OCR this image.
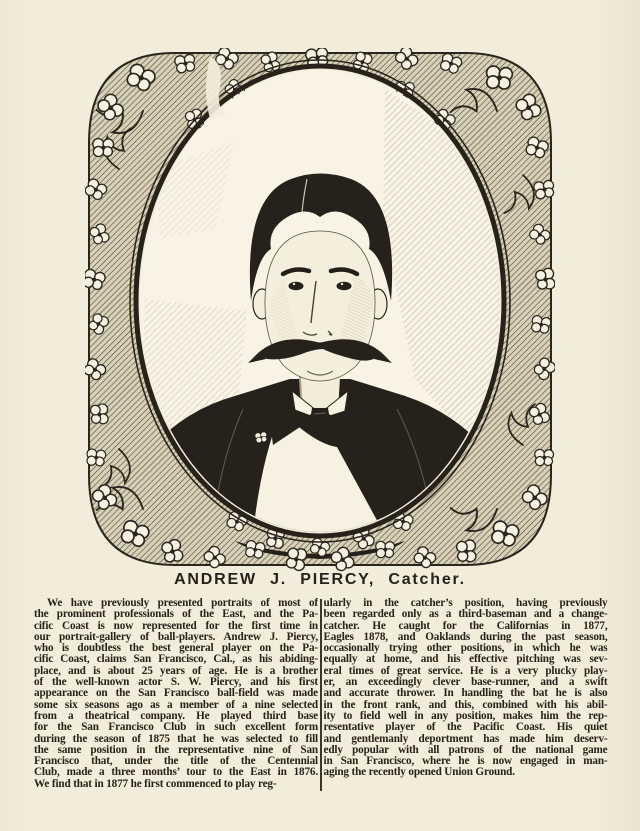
ANDREW J. PIERCY, Catcher.
We have previously presented portraits of most of
the prominent professionals of the East, and the Pa-
cific Coast is now represented for the first time in
our portrait-gallery of ball-players. Andrew J. Piercy,
who is doubtless the best general player on the Pa-
cific Coast, claims San Francisco, Cal., as his abiding-
place, and is about 25 years of age. He is a brother
of the well-known actor S. W. Piercy, and his first
appearance on the San Francisco ball-field was made
some six seasons ago as a member of a nine selected
from a theatrical company. He played third base
for the San Francisco Club in such excellent form
during the season of 1875 that he was selected to fill
the same position in the representative nine of San
Francisco that, under the title of the Centennial
Club, made a three months’ tour to the East in 1876.
We find that in 1877 he first commenced to play reg-
ularly in the catcher’s position, having previously
been regarded only as a third-baseman and a change-
catcher. He caught for the Californias in 1877,
Eagles 1878, and Oaklands during the past season,
occasionally trying other positions, in which he was
equally at home, and his effective pitching was sev-
eral times of great service. He is a very plucky play-
er, an exceedingly clever base-runner, and a swift
and accurate thrower. In handling the bat he is also
in the front rank, and this, combined with his abil-
ity to field well in any position, makes him the rep-
resentative player of the Pacific Coast. His quiet
and gentlemanly deportment has made him deserv-
edly popular with all patrons of the national game
in San Francisco, where he is now engaged in man-
aging the recently opened Union Ground.
